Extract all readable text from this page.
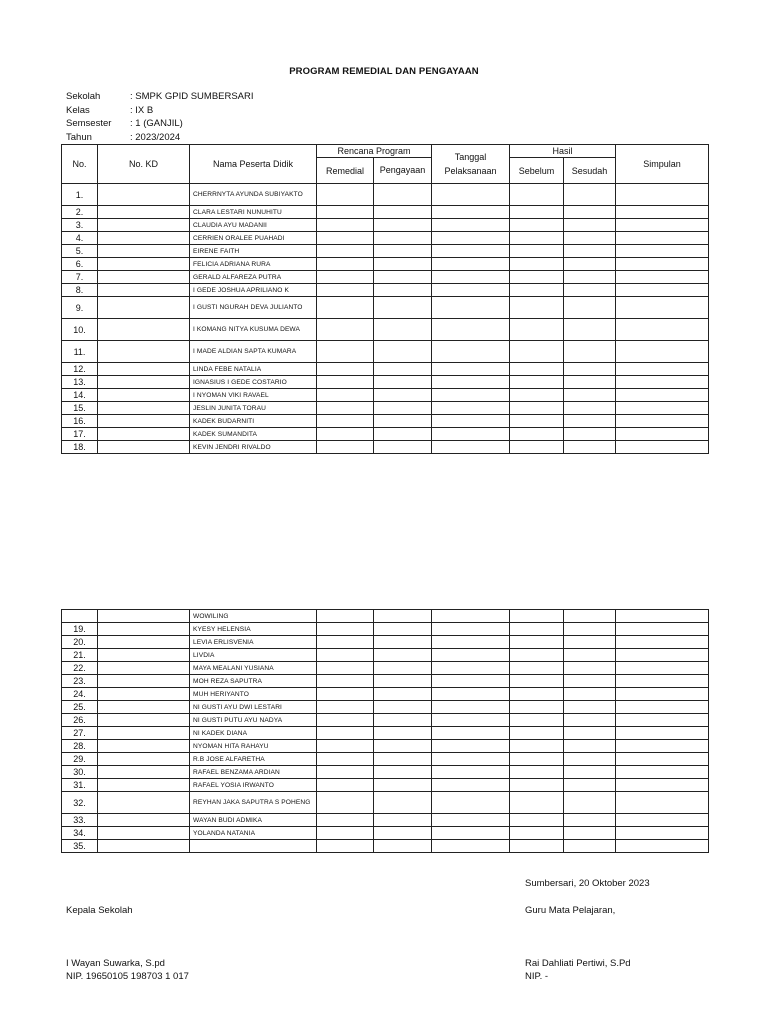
PROGRAM REMEDIAL DAN PENGAYAAN
Sekolah	: SMPK GPID SUMBERSARI
Kelas	: IX B
Semsester	: 1 (GANJIL)
Tahun	: 2023/2024
No.	No. KD	Nama Peserta Didik	Rencana Program		Tanggal Pelaksanaan	Hasil		Simpulan
			Remedial	Pengayaan		Sebelum	Sesudah	
1.		CHERRNYTA AYUNDA SUBIYAKTO						
2.		CLARA LESTARI NUNUHITU						
3.		CLAUDIA AYU MADANII						
4.		CERRIEN ORALEE PUAHADI						
5.		EIRENE FAITH						
6.		FELICIA ADRIANA RURA						
7.		GERALD ALFAREZA PUTRA						
8.		I GEDE JOSHUA APRILIANO K						
9.		I GUSTI NGURAH DEVA JULIANTO						
10.		I KOMANG NITYA KUSUMA DEWA						
11.		I MADE ALDIAN SAPTA KUMARA						
12.		LINDA FEBE NATALIA						
13.		IGNASIUS I GEDE COSTARIO						
14.		I NYOMAN VIKI RAVAEL						
15.		JESLIN JUNITA TORAU						
16.		KADEK BUDARNITI						
17.		KADEK SUMANDITA						
18.		KEVIN JENDRI RIVALDO						
		WOWILING						
19.		KYESY HELENSIA						
20.		LEVIA ERLISVENIA						
21.		LIVDIA						
22.		MAYA MEALANI YUSIANA						
23.		MOH REZA SAPUTRA						
24.		MUH HERIYANTO						
25.		NI GUSTI AYU DWI LESTARI						
26.		NI GUSTI PUTU AYU NADYA						
27.		NI KADEK DIANA						
28.		NYOMAN HITA RAHAYU						
29.		R.B JOSE ALFARETHA						
30.		RAFAEL BENZAMA ARDIAN						
31.		RAFAEL YOSIA IRWANTO						
32.		REYHAN JAKA SAPUTRA S POHENG						
33.		WAYAN BUDI ADMIKA						
34.		YOLANDA NATANIA						
35.								
Sumbersari, 20 Oktober 2023
Kepala Sekolah	Guru Mata Pelajaran,
I Wayan Suwarka, S.pd
NIP. 19650105 198703 1 017
Rai Dahliati Pertiwi, S.Pd
NIP. -
